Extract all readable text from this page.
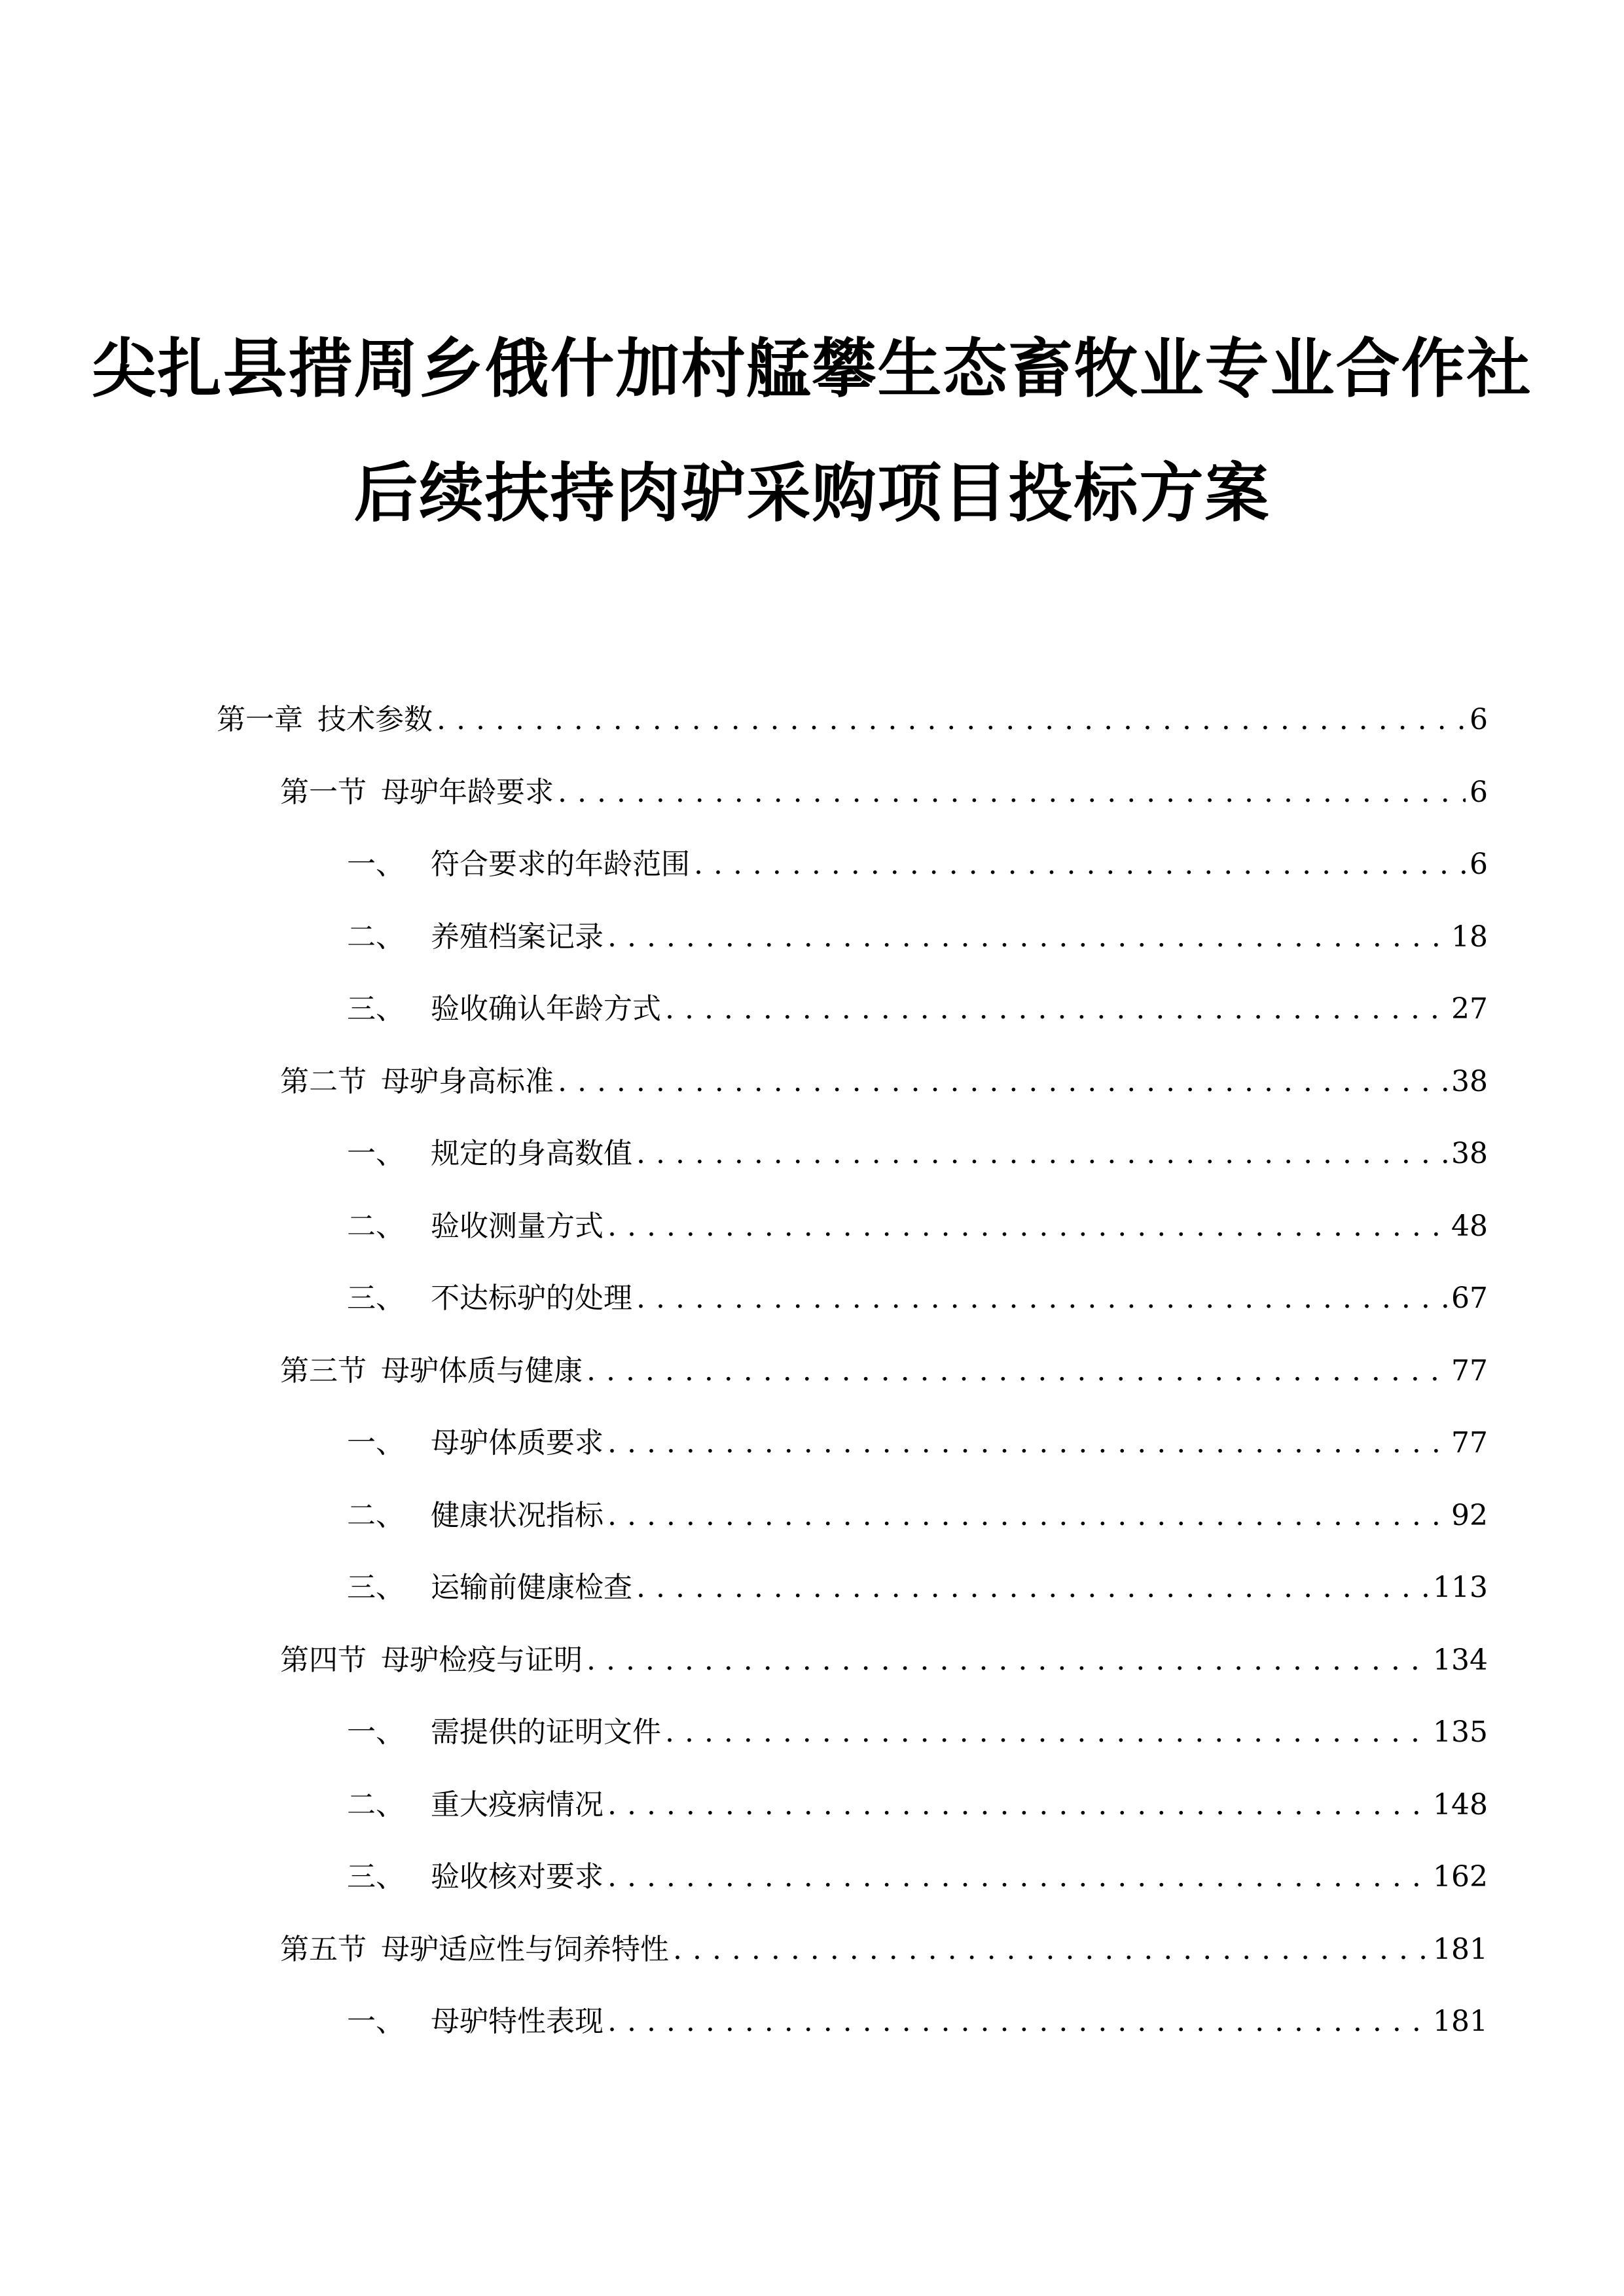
尖扎县措周乡俄什加村艋攀生态畜牧业专业合作社
后续扶持肉驴采购项目投标方案
第一章 技术参数 . . .	6
第一节 母驴年龄要求 . . .	6
一、 符合要求的年龄范围 . . .	6
二、 养殖档案记录 . . .	18
三、 验收确认年龄方式 . . .	27
第二节 母驴身高标准 . . .	38
一、 规定的身高数值 . . .	38
二、 验收测量方式 . . .	48
三、 不达标驴的处理 . . .	67
第三节 母驴体质与健康 . . .	77
一、 母驴体质要求 . . .	77
二、 健康状况指标 . . .	92
三、 运输前健康检查 . . .	113
第四节 母驴检疫与证明 . . .	134
一、 需提供的证明文件 . . .	135
二、 重大疫病情况 . . .	148
三、 验收核对要求 . . .	162
第五节 母驴适应性与饲养特性 . . .	181
一、 母驴特性表现 . . .	181
